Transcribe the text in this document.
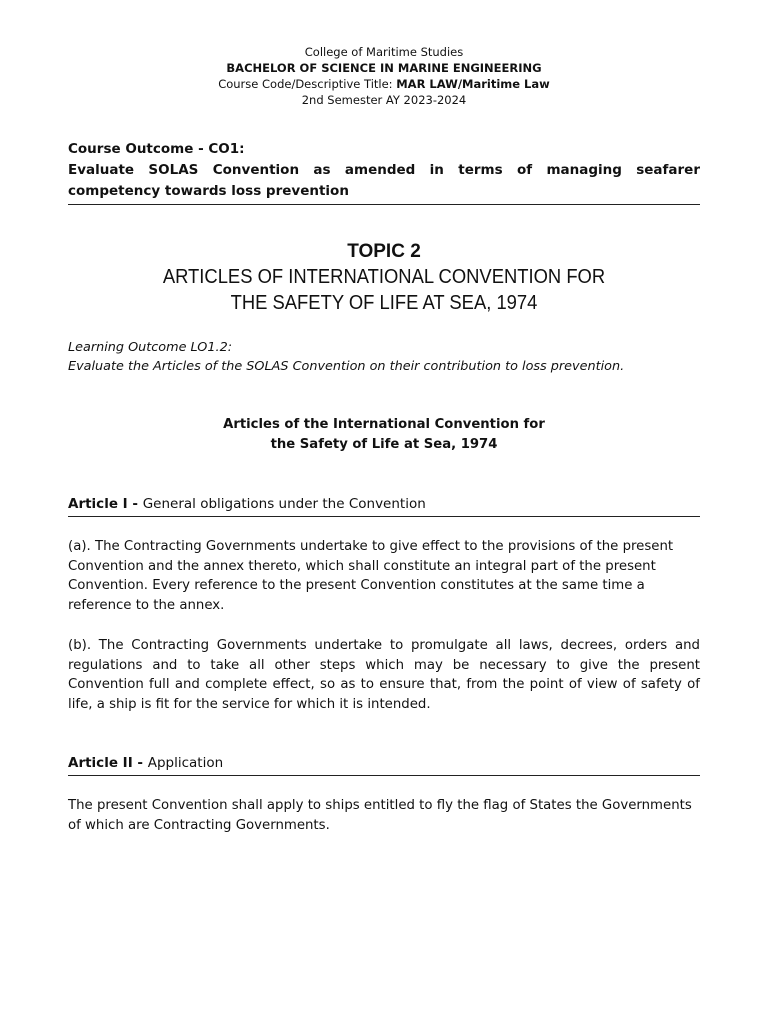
College of Maritime Studies
BACHELOR OF SCIENCE IN MARINE ENGINEERING
Course Code/Descriptive Title: MAR LAW/Maritime Law
2nd Semester AY 2023-2024
Course Outcome - CO1:
Evaluate SOLAS Convention as amended in terms of managing seafarer competency towards loss prevention
TOPIC 2
ARTICLES OF INTERNATIONAL CONVENTION FOR
THE SAFETY OF LIFE AT SEA, 1974
Learning Outcome LO1.2:
Evaluate the Articles of the SOLAS Convention on their contribution to loss prevention.
Articles of the International Convention for
the Safety of Life at Sea, 1974
Article I - General obligations under the Convention
(a). The Contracting Governments undertake to give effect to the provisions of the present Convention and the annex thereto, which shall constitute an integral part of the present Convention. Every reference to the present Convention constitutes at the same time a reference to the annex.
(b). The Contracting Governments undertake to promulgate all laws, decrees, orders and regulations and to take all other steps which may be necessary to give the present Convention full and complete effect, so as to ensure that, from the point of view of safety of life, a ship is fit for the service for which it is intended.
Article II - Application
The present Convention shall apply to ships entitled to fly the flag of States the Governments of which are Contracting Governments.
